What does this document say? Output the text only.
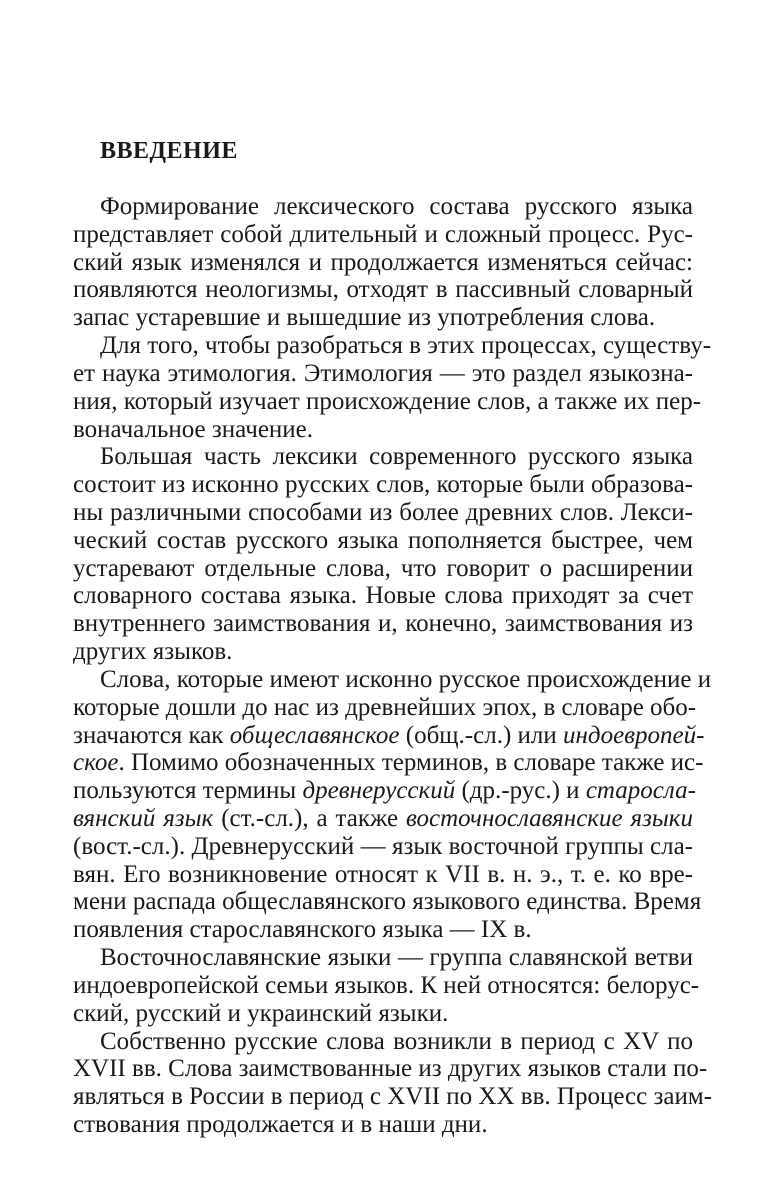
ВВЕДЕНИЕ
Формирование лексического состава русского языка
представляет собой длительный и сложный процесс. Рус-
ский язык изменялся и продолжается изменяться сейчас:
появляются неологизмы, отходят в пассивный словарный
запас устаревшие и вышедшие из употребления слова.
Для того, чтобы разобраться в этих процессах, существу-
ет наука этимология. Этимология — это раздел языкозна-
ния, который изучает происхождение слов, а также их пер-
воначальное значение.
Большая часть лексики современного русского языка
состоит из исконно русских слов, которые были образова-
ны различными способами из более древних слов. Лекси-
ческий состав русского языка пополняется быстрее, чем
устаревают отдельные слова, что говорит о расширении
словарного состава языка. Новые слова приходят за счет
внутреннего заимствования и, конечно, заимствования из
других языков.
Слова, которые имеют исконно русское происхождение и
которые дошли до нас из древнейших эпох, в словаре обо-
значаются как общеславянское (общ.-сл.) или индоевропей-
ское. Помимо обозначенных терминов, в словаре также ис-
пользуются термины древнерусский (др.-рус.) и старосла-
вянский язык (ст.-сл.), а также восточнославянские языки
(вост.-сл.). Древнерусский — язык восточной группы сла-
вян. Его возникновение относят к VII в. н. э., т. е. ко вре-
мени распада общеславянского языкового единства. Время
появления старославянского языка — IX в.
Восточнославянские языки — группа славянской ветви
индоевропейской семьи языков. К ней относятся: белорус-
ский, русский и украинский языки.
Собственно русские слова возникли в период с XV по
XVII вв. Слова заимствованные из других языков стали по-
являться в России в период с XVII по XX вв. Процесс заим-
ствования продолжается и в наши дни.
